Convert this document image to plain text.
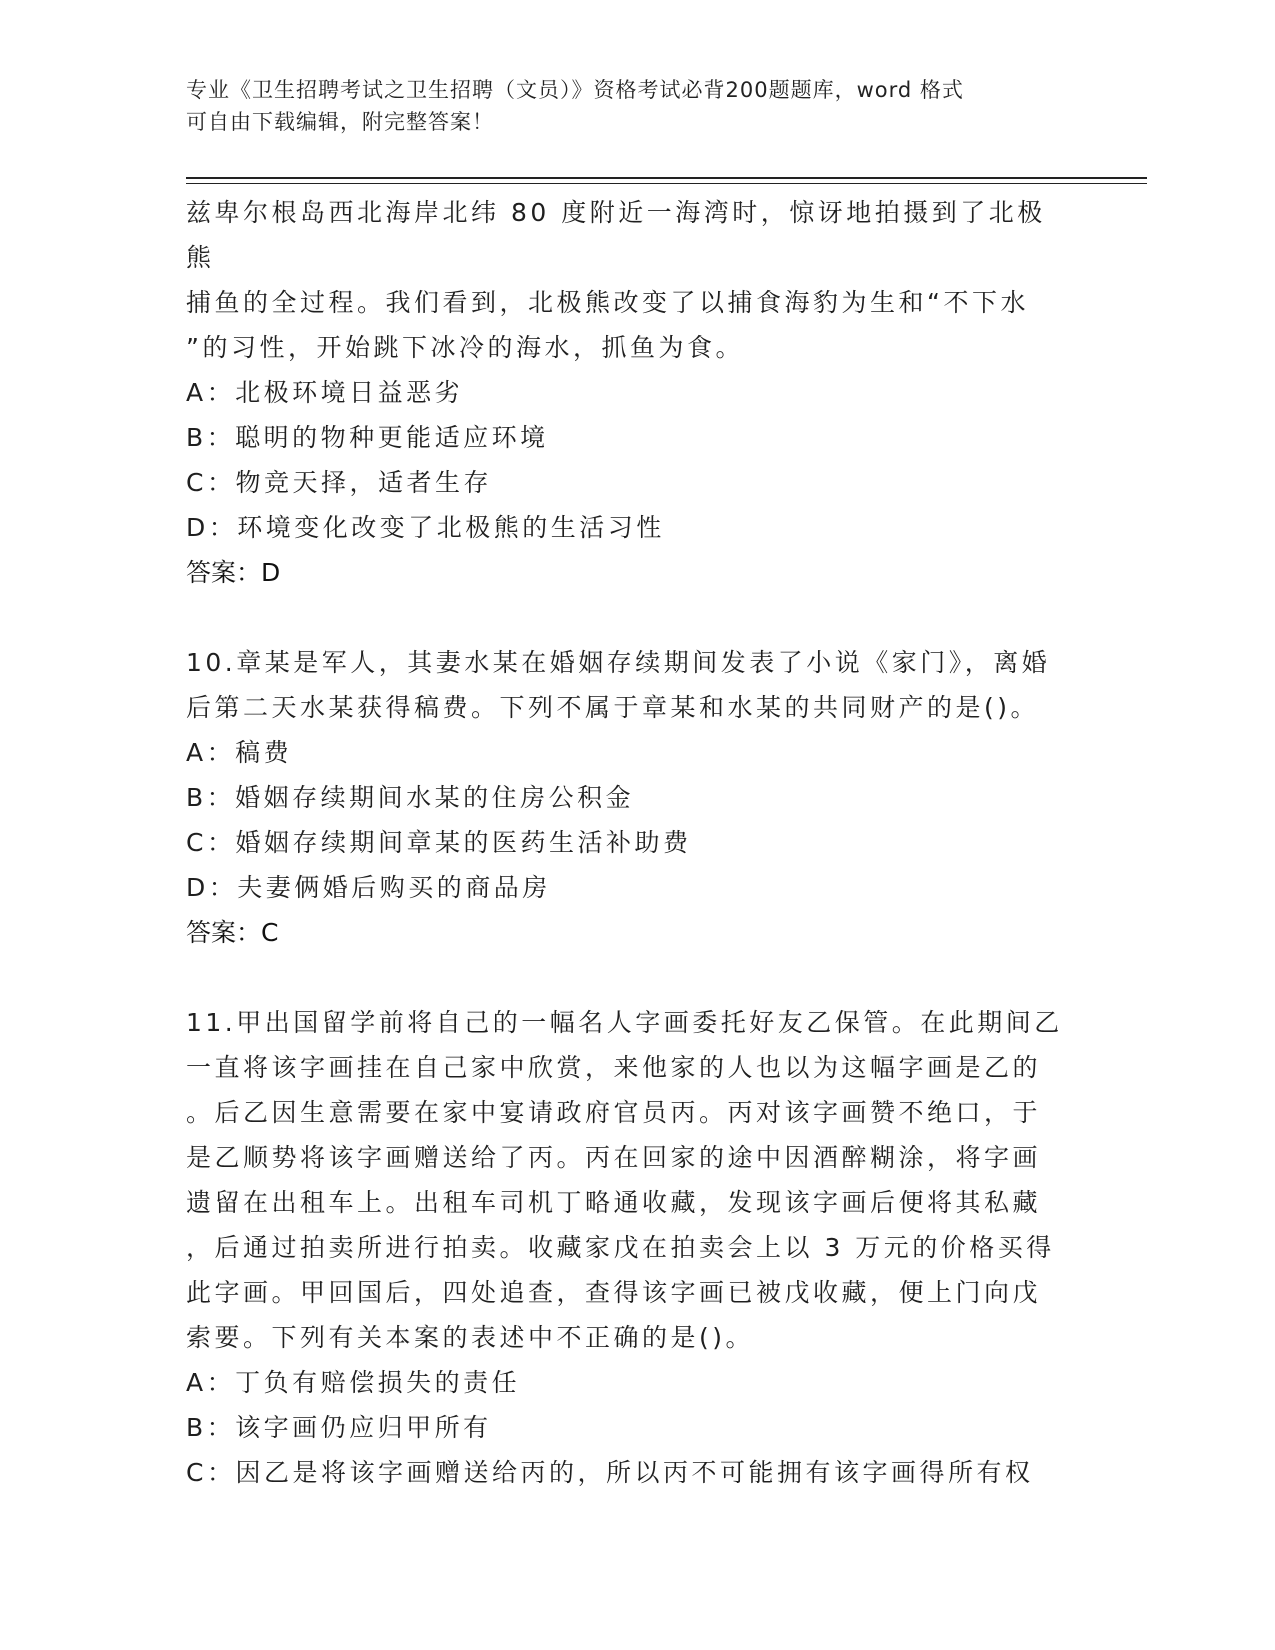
专业《卫生招聘考试之卫生招聘（文员）》资格考试必背200题题库，word 格式
可自由下载编辑，附完整答案！

兹卑尔根岛西北海岸北纬 80 度附近一海湾时，惊讶地拍摄到了北极熊

捕鱼的全过程。我们看到，北极熊改变了以捕食海豹为生和“不下水

”的习性，开始跳下冰冷的海水，抓鱼为食。

A：北极环境日益恶劣

B：聪明的物种更能适应环境

C：物竞天择，适者生存

D：环境变化改变了北极熊的生活习性

答案：D

10.章某是军人，其妻水某在婚姻存续期间发表了小说《家门》，离婚

后第二天水某获得稿费。下列不属于章某和水某的共同财产的是()。

A：稿费

B：婚姻存续期间水某的住房公积金

C：婚姻存续期间章某的医药生活补助费

D：夫妻俩婚后购买的商品房

答案：C

11.甲出国留学前将自己的一幅名人字画委托好友乙保管。在此期间乙

一直将该字画挂在自己家中欣赏，来他家的人也以为这幅字画是乙的

。后乙因生意需要在家中宴请政府官员丙。丙对该字画赞不绝口，于

是乙顺势将该字画赠送给了丙。丙在回家的途中因酒醉糊涂，将字画

遗留在出租车上。出租车司机丁略通收藏，发现该字画后便将其私藏

，后通过拍卖所进行拍卖。收藏家戊在拍卖会上以 3 万元的价格买得

此字画。甲回国后，四处追查，查得该字画已被戊收藏，便上门向戊

索要。下列有关本案的表述中不正确的是()。

A：丁负有赔偿损失的责任

B：该字画仍应归甲所有

C：因乙是将该字画赠送给丙的，所以丙不可能拥有该字画得所有权
